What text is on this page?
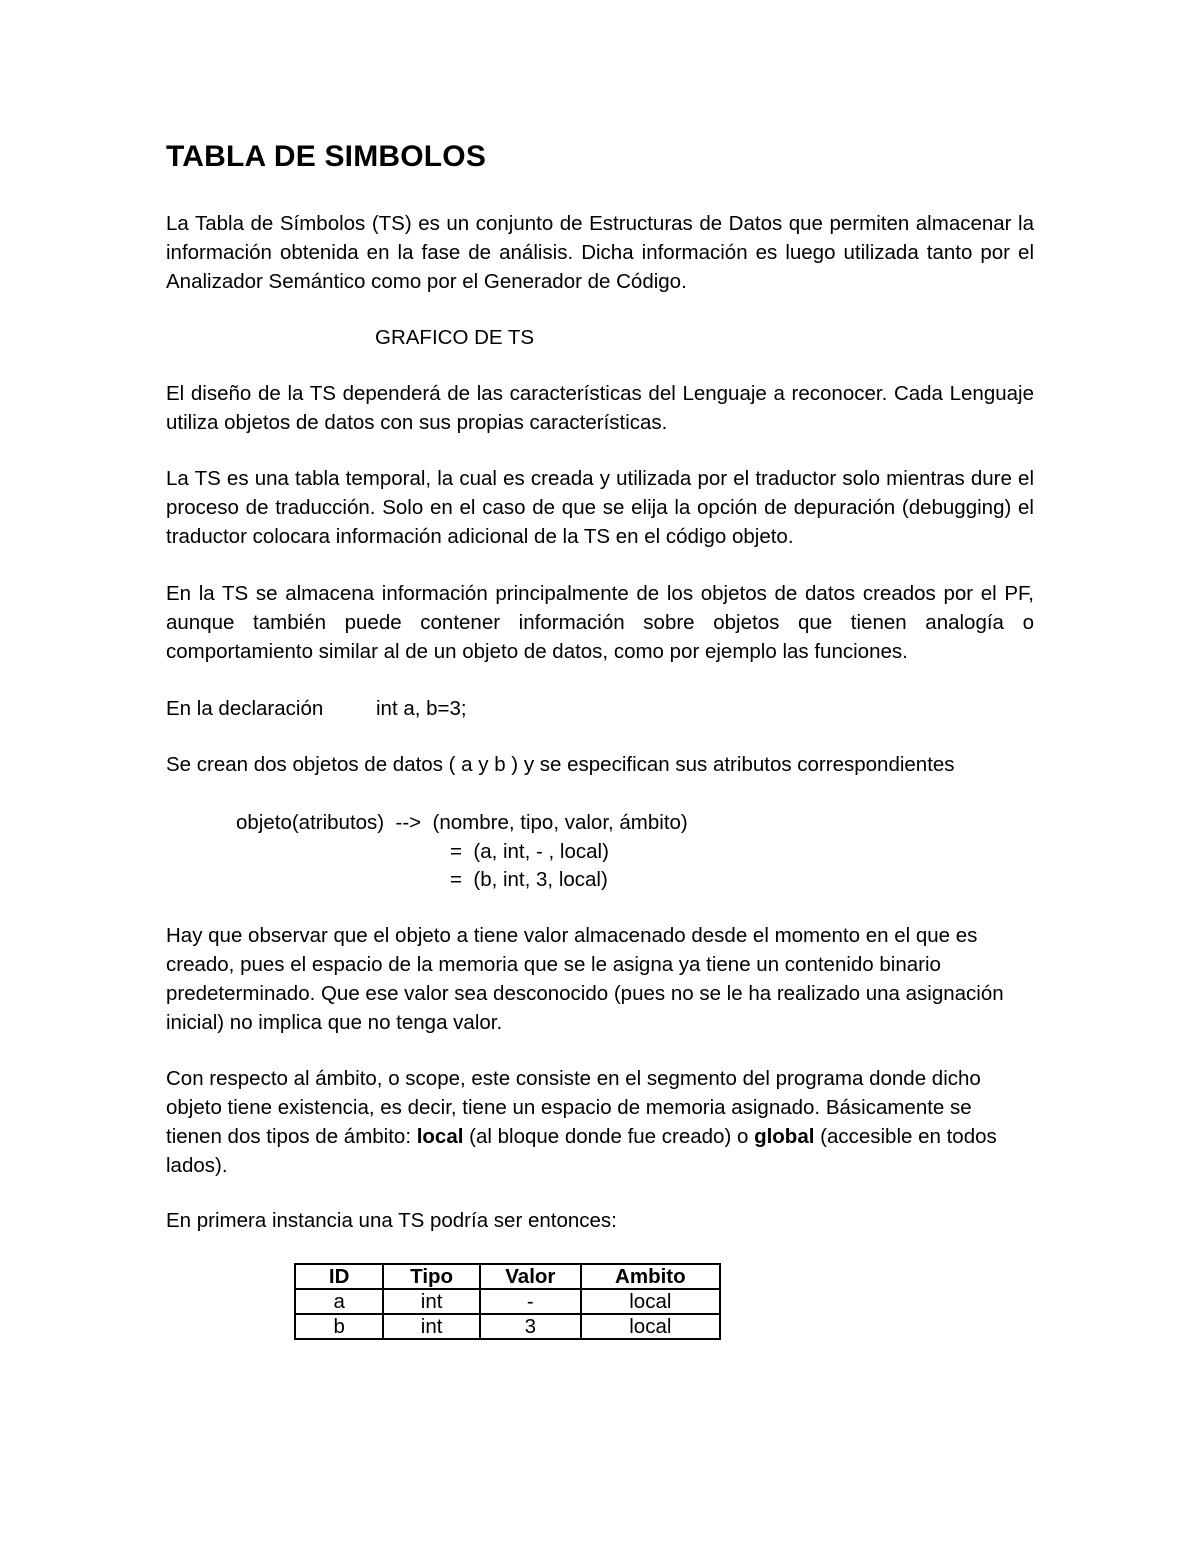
TABLA DE SIMBOLOS

La Tabla de Símbolos (TS) es un conjunto de Estructuras de Datos que permiten almacenar la información obtenida en la fase de análisis. Dicha información es luego utilizada tanto por el Analizador Semántico como por el Generador de Código.

GRAFICO DE TS

El diseño de la TS dependerá de las características del Lenguaje a reconocer. Cada Lenguaje utiliza objetos de datos con sus propias características.

La TS es una tabla temporal, la cual es creada y utilizada por el traductor solo mientras dure el proceso de traducción. Solo en el caso de que se elija la opción de depuración (debugging) el traductor colocara información adicional de la TS en el código objeto.

En la TS se almacena información principalmente de los objetos de datos creados por el PF, aunque también puede contener información sobre objetos que tienen analogía o comportamiento similar al de un objeto de datos, como por ejemplo las funciones.

En la declaración	int a, b=3;

Se crean dos objetos de datos ( a y b ) y se especifican sus atributos correspondientes

objeto(atributos)  -->  (nombre, tipo, valor, ámbito)
=  (a, int, - , local)
=  (b, int, 3, local)

Hay que observar que el objeto a tiene valor almacenado desde el momento en el que es creado, pues el espacio de la memoria que se le asigna ya tiene un contenido binario predeterminado. Que ese valor sea desconocido (pues no se le ha realizado una asignación inicial) no implica que no tenga valor.

Con respecto al ámbito, o scope, este consiste en el segmento del programa donde dicho objeto tiene existencia, es decir, tiene un espacio de memoria asignado. Básicamente se tienen dos tipos de ámbito: local (al bloque donde fue creado) o global (accesible en todos lados).

En primera instancia una TS podría ser entonces:

ID	Tipo	Valor	Ambito
a	int	-	local
b	int	3	local
